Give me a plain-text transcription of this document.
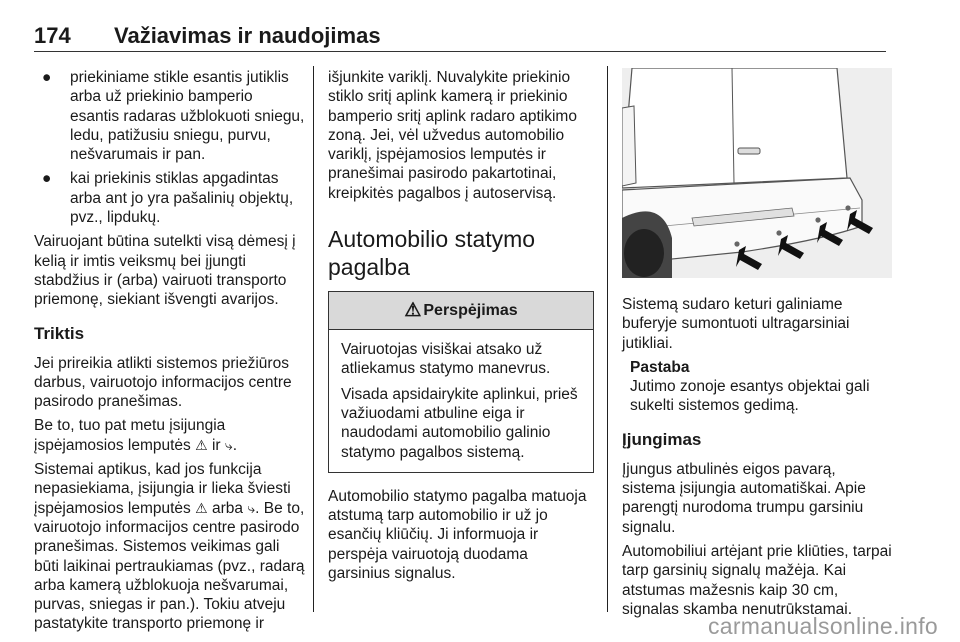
174 Važiavimas ir naudojimas
● priekiniame stikle esantis jutiklis arba už priekinio bamperio esantis radaras užblokuoti sniegu, ledu, patižusiu sniegu, purvu, nešvarumais ir pan.
● kai priekinis stiklas apgadintas arba ant jo yra pašalinių objektų, pvz., lipdukų.

Vairuojant būtina sutelkti visą dėmesį į kelią ir imtis veiksmų bei įjungti stabdžius ir (arba) vairuoti transporto priemonę, siekiant išvengti avarijos.

Triktis

Jei prireikia atlikti sistemos priežiūros darbus, vairuotojo informacijos centre pasirodo pranešimas.

Be to, tuo pat metu įsijungia įspėjamosios lemputės ⚠ ir ⤷.

Sistemai aptikus, kad jos funkcija nepasiekiama, įsijungia ir lieka šviesti įspėjamosios lemputės ⚠ arba ⤷. Be to, vairuotojo informacijos centre pasirodo pranešimas. Sistemos veikimas gali būti laikinai pertraukiamas (pvz., radarą arba kamerą užblokuoja nešvarumai, purvas, sniegas ir pan.). Tokiu atveju pastatykite transporto priemonę ir

išjunkite variklį. Nuvalykite priekinio stiklo sritį aplink kamerą ir priekinio bamperio sritį aplink radaro aptikimo zoną. Jei, vėl užvedus automobilio variklį, įspėjamosios lemputės ir pranešimai pasirodo pakartotinai, kreipkitės pagalbos į autoservisą.

Automobilio statymo pagalba
⚠ Perspėjimas

Vairuotojas visiškai atsako už atliekamus statymo manevrus.

Visada apsidairykite aplinkui, prieš važiuodami atbuline eiga ir naudodami automobilio galinio statymo pagalbos sistemą.

Automobilio statymo pagalba matuoja atstumą tarp automobilio ir už jo esančių kliūčių. Ji informuoja ir perspėja vairuotoją duodama garsinius signalus.

Sistemą sudaro keturi galiniame buferyje sumontuoti ultragarsiniai jutikliai.

Pastaba
Jutimo zonoje esantys objektai gali sukelti sistemos gedimą.
Įjungimas

Įjungus atbulinės eigos pavarą, sistema įsijungia automatiškai. Apie parengtį nurodoma trumpu garsiniu signalu.

Automobiliui artėjant prie kliūties, tarpai tarp garsinių signalų mažėja. Kai atstumas mažesnis kaip 30 cm, signalas skamba nenutrūkstamai.

carmanualsonline.info
